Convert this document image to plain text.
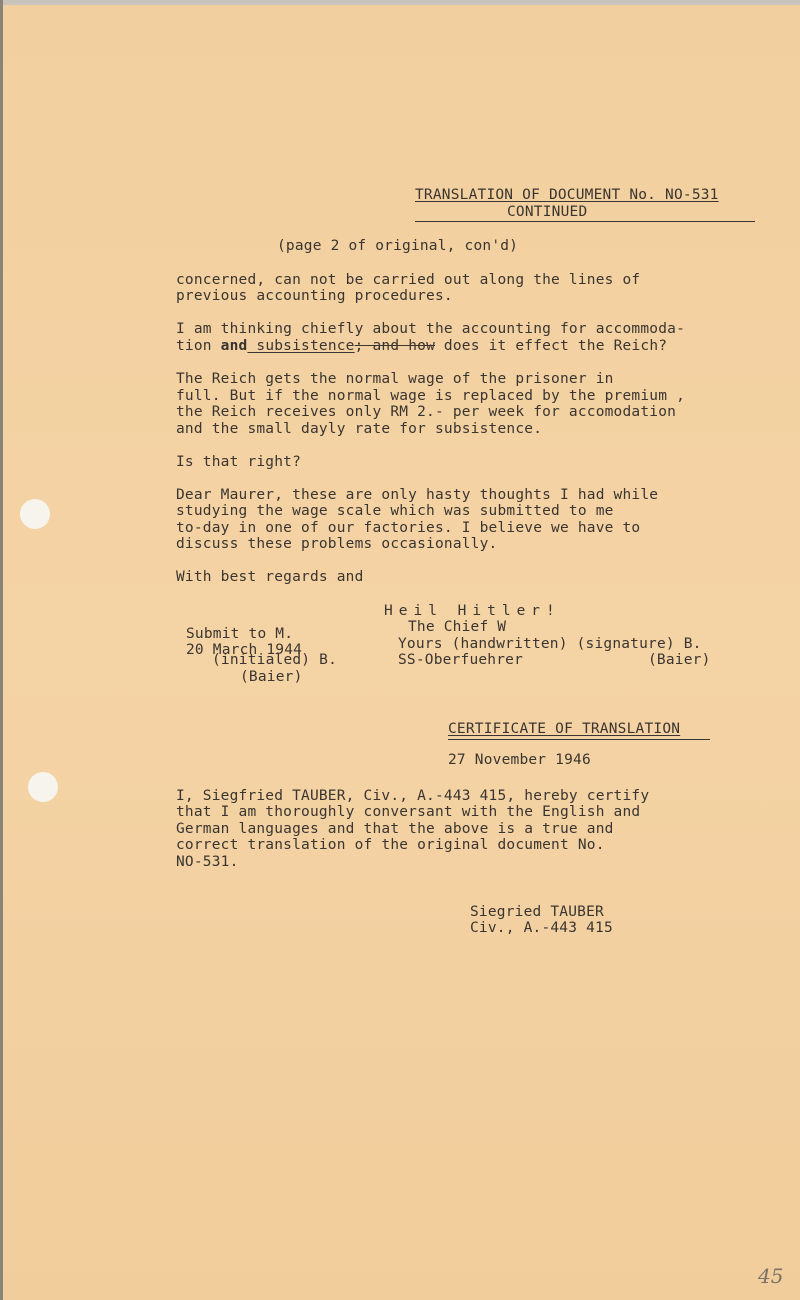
TRANSLATION OF DOCUMENT No. NO-531
CONTINUED
(page 2 of original, con'd)
concerned, can not be carried out along the lines of
previous accounting procedures.
I am thinking chiefly about the accounting for accommoda-
tion and subsistence; and how does it effect the Reich?
The Reich gets the normal wage of the prisoner in
full. But if the normal wage is replaced by the premium ,
the Reich receives only RM 2.- per week for accomodation
and the small dayly rate for subsistence.
Is that right?
Dear Maurer, these are only hasty thoughts I had while
studying the wage scale which was submitted to me
to-day in one of our factories. I believe we have to
discuss these problems occasionally.
With best regards and
Heil Hitler!
The Chief W
Yours (handwritten) (signature) B.
SS-Oberfuehrer	(Baier)
Submit to M.
20 March 1944
(initialed) B.
(Baier)
CERTIFICATE OF TRANSLATION
27 November 1946
I, Siegfried TAUBER, Civ., A.-443 415, hereby certify
that I am thoroughly conversant with the English and
German languages and that the above is a true and
correct translation of the original document No.
NO-531.
Siegried TAUBER
Civ., A.-443 415
45
